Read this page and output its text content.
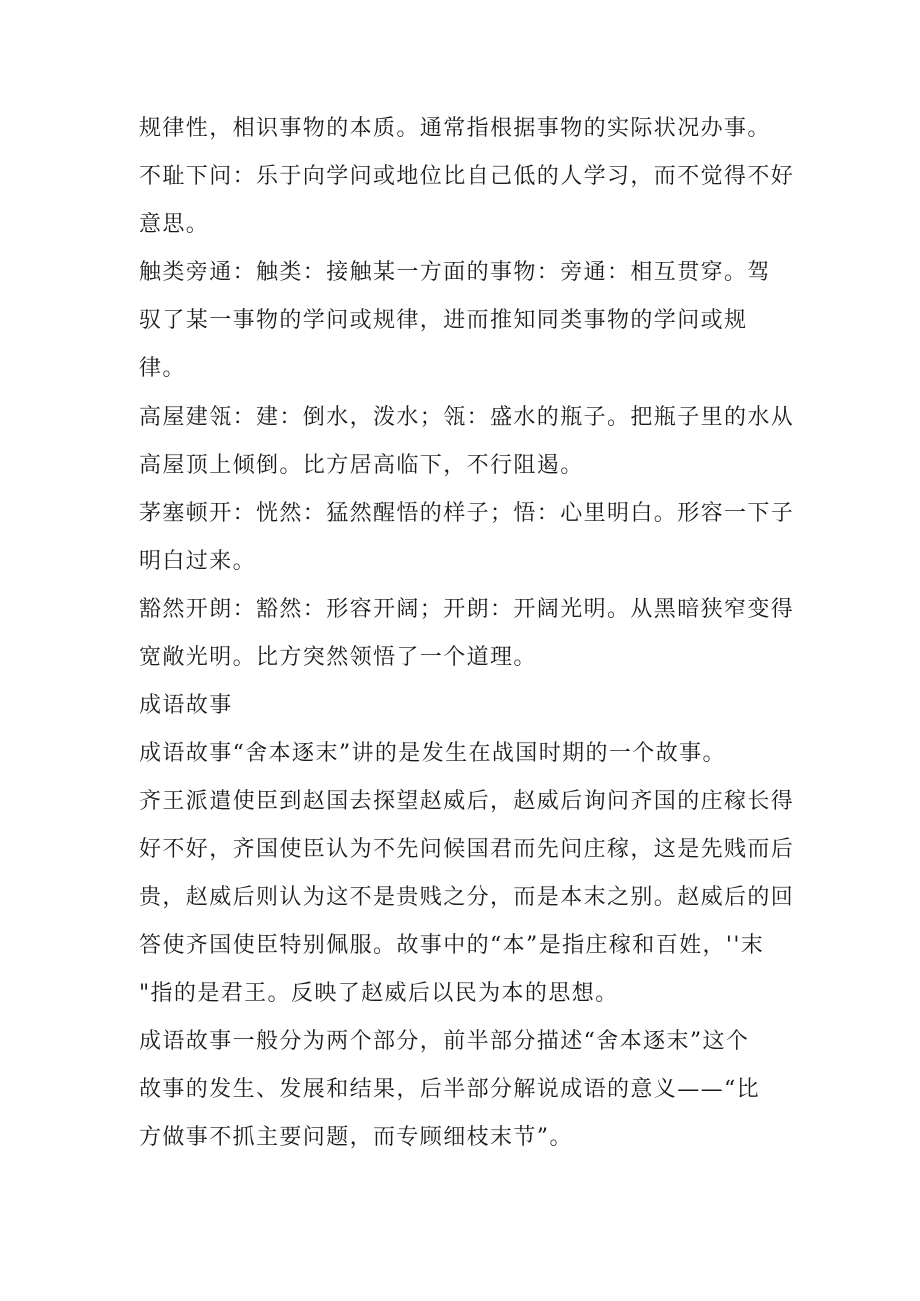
规律性，相识事物的本质。通常指根据事物的实际状况办事。
不耻下问：乐于向学问或地位比自己低的人学习，而不觉得不好
意思。
触类旁通：触类：接触某一方面的事物：旁通：相互贯穿。驾
驭了某一事物的学问或规律，进而推知同类事物的学问或规
律。
高屋建瓴：建：倒水，泼水；瓴：盛水的瓶子。把瓶子里的水从
高屋顶上倾倒。比方居高临下，不行阻遏。
茅塞顿开：恍然：猛然醒悟的样子；悟：心里明白。形容一下子
明白过来。
豁然开朗：豁然：形容开阔；开朗：开阔光明。从黑暗狭窄变得
宽敞光明。比方突然领悟了一个道理。
成语故事
成语故事“舍本逐末”讲的是发生在战国时期的一个故事。
齐王派遣使臣到赵国去探望赵威后，赵威后询问齐国的庄稼长得
好不好，齐国使臣认为不先问候国君而先问庄稼，这是先贱而后
贵，赵威后则认为这不是贵贱之分，而是本末之别。赵威后的回
答使齐国使臣特别佩服。故事中的“本”是指庄稼和百姓，''末
"指的是君王。反映了赵威后以民为本的思想。
成语故事一般分为两个部分，前半部分描述“舍本逐末”这个
故事的发生、发展和结果，后半部分解说成语的意义——“比
方做事不抓主要问题，而专顾细枝末节”。
